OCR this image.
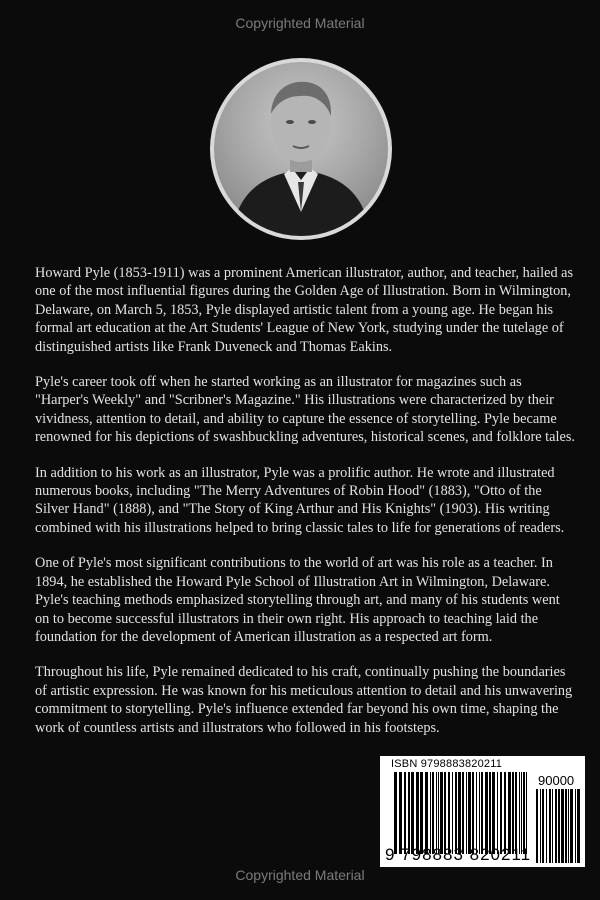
Copyrighted Material

Howard Pyle (1853-1911) was a prominent American illustrator, author, and teacher, hailed as one of the most influential figures during the Golden Age of Illustration. Born in Wilmington, Delaware, on March 5, 1853, Pyle displayed artistic talent from a young age. He began his formal art education at the Art Students' League of New York, studying under the tutelage of distinguished artists like Frank Duveneck and Thomas Eakins.

Pyle's career took off when he started working as an illustrator for magazines such as "Harper's Weekly" and "Scribner's Magazine." His illustrations were characterized by their vividness, attention to detail, and ability to capture the essence of storytelling. Pyle became renowned for his depictions of swashbuckling adventures, historical scenes, and folklore tales.

In addition to his work as an illustrator, Pyle was a prolific author. He wrote and illustrated numerous books, including "The Merry Adventures of Robin Hood" (1883), "Otto of the Silver Hand" (1888), and "The Story of King Arthur and His Knights" (1903). His writing combined with his illustrations helped to bring classic tales to life for generations of readers.

One of Pyle's most significant contributions to the world of art was his role as a teacher. In 1894, he established the Howard Pyle School of Illustration Art in Wilmington, Delaware. Pyle's teaching methods emphasized storytelling through art, and many of his students went on to become successful illustrators in their own right. His approach to teaching laid the foundation for the development of American illustration as a respected art form.

Throughout his life, Pyle remained dedicated to his craft, continually pushing the boundaries of artistic expression. He was known for his meticulous attention to detail and his unwavering commitment to storytelling. Pyle's influence extended far beyond his own time, shaping the work of countless artists and illustrators who followed in his footsteps.

ISBN 9798883820211
90000
9 798883 820211
Copyrighted Material
